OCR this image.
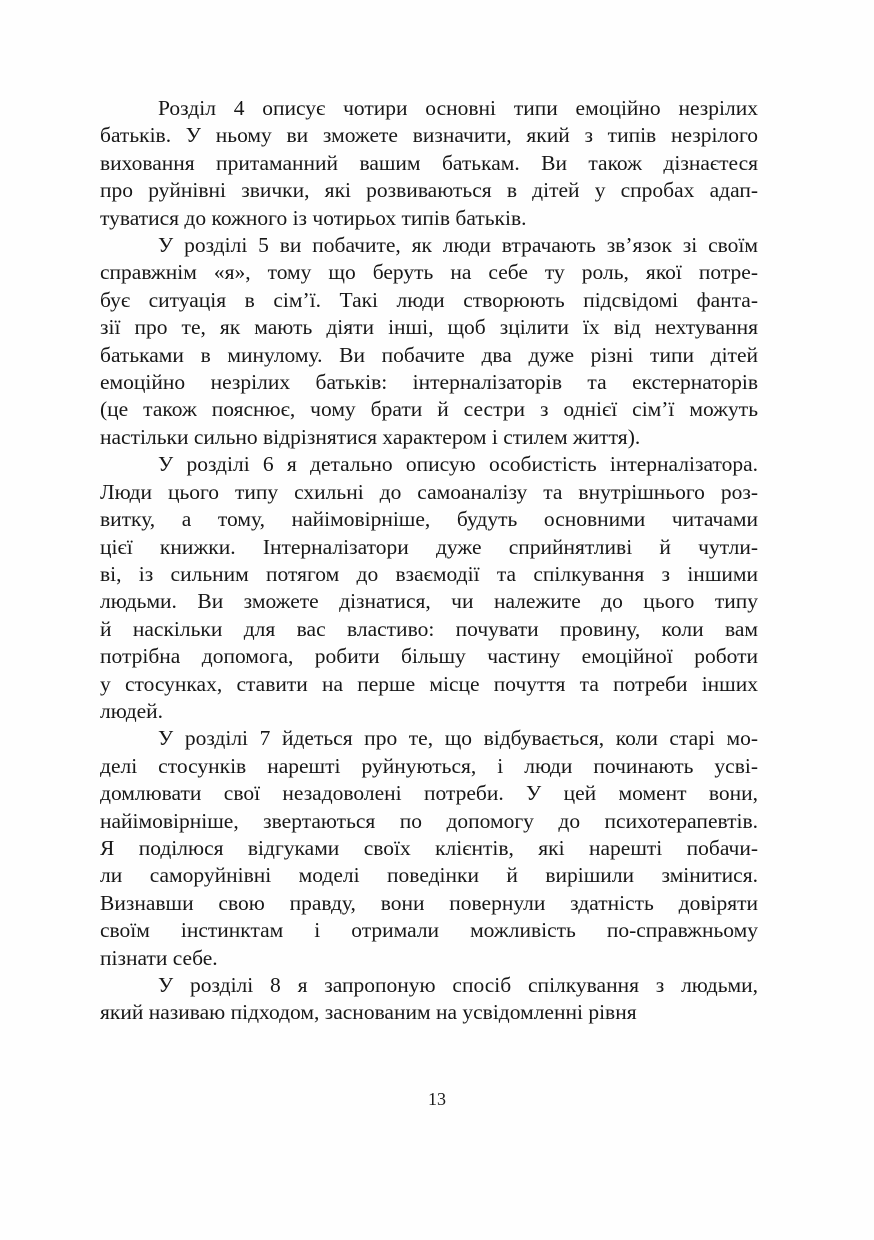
Розділ 4 описує чотири основні типи емоційно незрілих
батьків. У ньому ви зможете визначити, який з типів незрілого
виховання притаманний вашим батькам. Ви також дізнаєтеся
про руйнівні звички, які розвиваються в дітей у спробах адап-
туватися до кожного із чотирьох типів батьків.
У розділі 5 ви побачите, як люди втрачають зв’язок зі своїм
справжнім «я», тому що беруть на себе ту роль, якої потре-
бує ситуація в сім’ї. Такі люди створюють підсвідомі фанта-
зії про те, як мають діяти інші, щоб зцілити їх від нехтування
батьками в минулому. Ви побачите два дуже різні типи дітей
емоційно незрілих батьків: інтерналізаторів та екстернаторів
(це також пояснює, чому брати й сестри з однієї сім’ї можуть
настільки сильно відрізнятися характером і стилем життя).
У розділі 6 я детально описую особистість інтерналізатора.
Люди цього типу схильні до самоаналізу та внутрішнього роз-
витку, а тому, найімовірніше, будуть основними читачами
цієї книжки. Інтерналізатори дуже сприйнятливі й чутли-
ві, із сильним потягом до взаємодії та спілкування з іншими
людьми. Ви зможете дізнатися, чи належите до цього типу
й наскільки для вас властиво: почувати провину, коли вам
потрібна допомога, робити більшу частину емоційної роботи
у стосунках, ставити на перше місце почуття та потреби інших
людей.
У розділі 7 йдеться про те, що відбувається, коли старі мо-
делі стосунків нарешті руйнуються, і люди починають усві-
домлювати свої незадоволені потреби. У цей момент вони,
найімовірніше, звертаються по допомогу до психотерапевтів.
Я поділюся відгуками своїх клієнтів, які нарешті побачи-
ли саморуйнівні моделі поведінки й вирішили змінитися.
Визнавши свою правду, вони повернули здатність довіряти
своїм інстинктам і отримали можливість по-справжньому
пізнати себе.
У розділі 8 я запропоную спосіб спілкування з людьми,
який називаю підходом, заснованим на усвідомленні рівня
13
